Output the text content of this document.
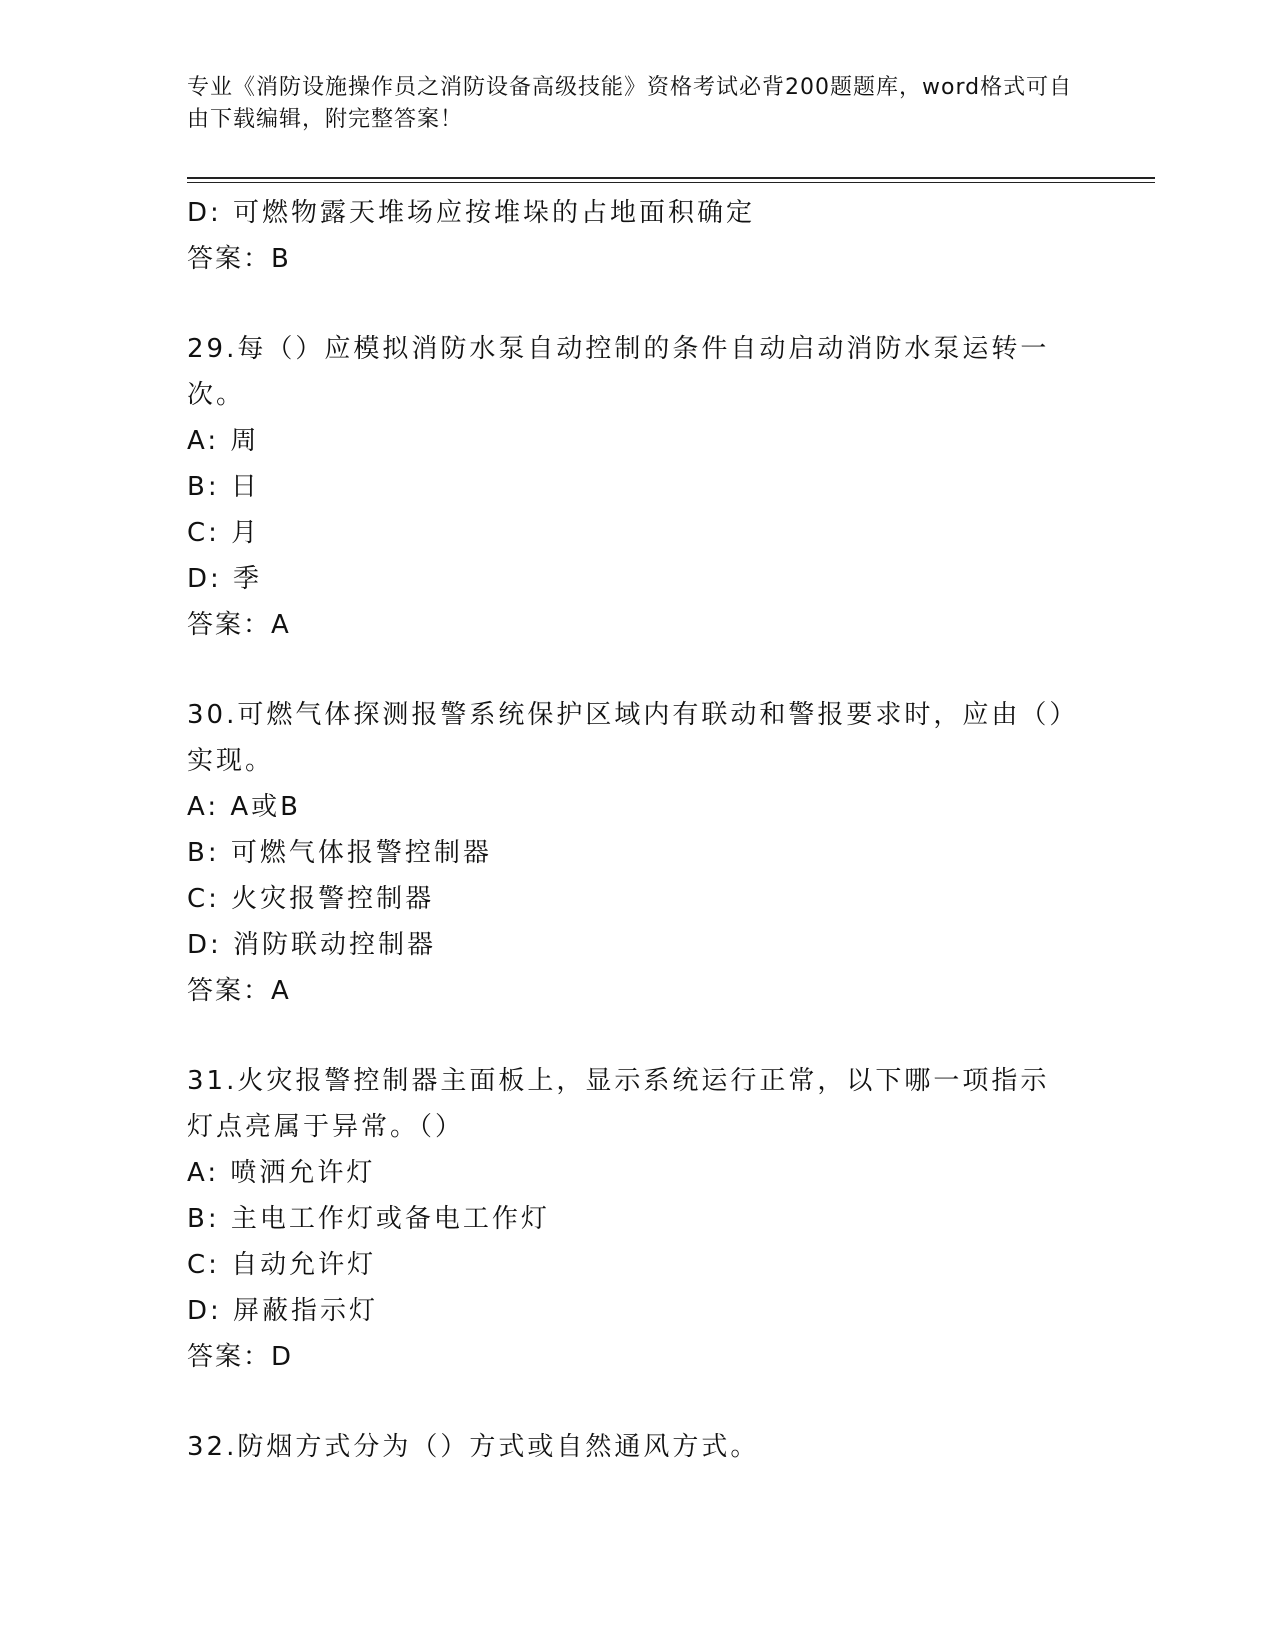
专业《消防设施操作员之消防设备高级技能》资格考试必背200题题库，word格式可自由下载编辑，附完整答案！
D: 可燃物露天堆场应按堆垛的占地面积确定
答案：B
29.每（）应模拟消防水泵自动控制的条件自动启动消防水泵运转一次。
A: 周
B: 日
C: 月
D: 季
答案：A
30.可燃气体探测报警系统保护区域内有联动和警报要求时，应由（）实现。
A: A或B
B: 可燃气体报警控制器
C: 火灾报警控制器
D: 消防联动控制器
答案：A
31.火灾报警控制器主面板上，显示系统运行正常，以下哪一项指示灯点亮属于异常。（）
A: 喷洒允许灯
B: 主电工作灯或备电工作灯
C: 自动允许灯
D: 屏蔽指示灯
答案：D
32.防烟方式分为（）方式或自然通风方式。
